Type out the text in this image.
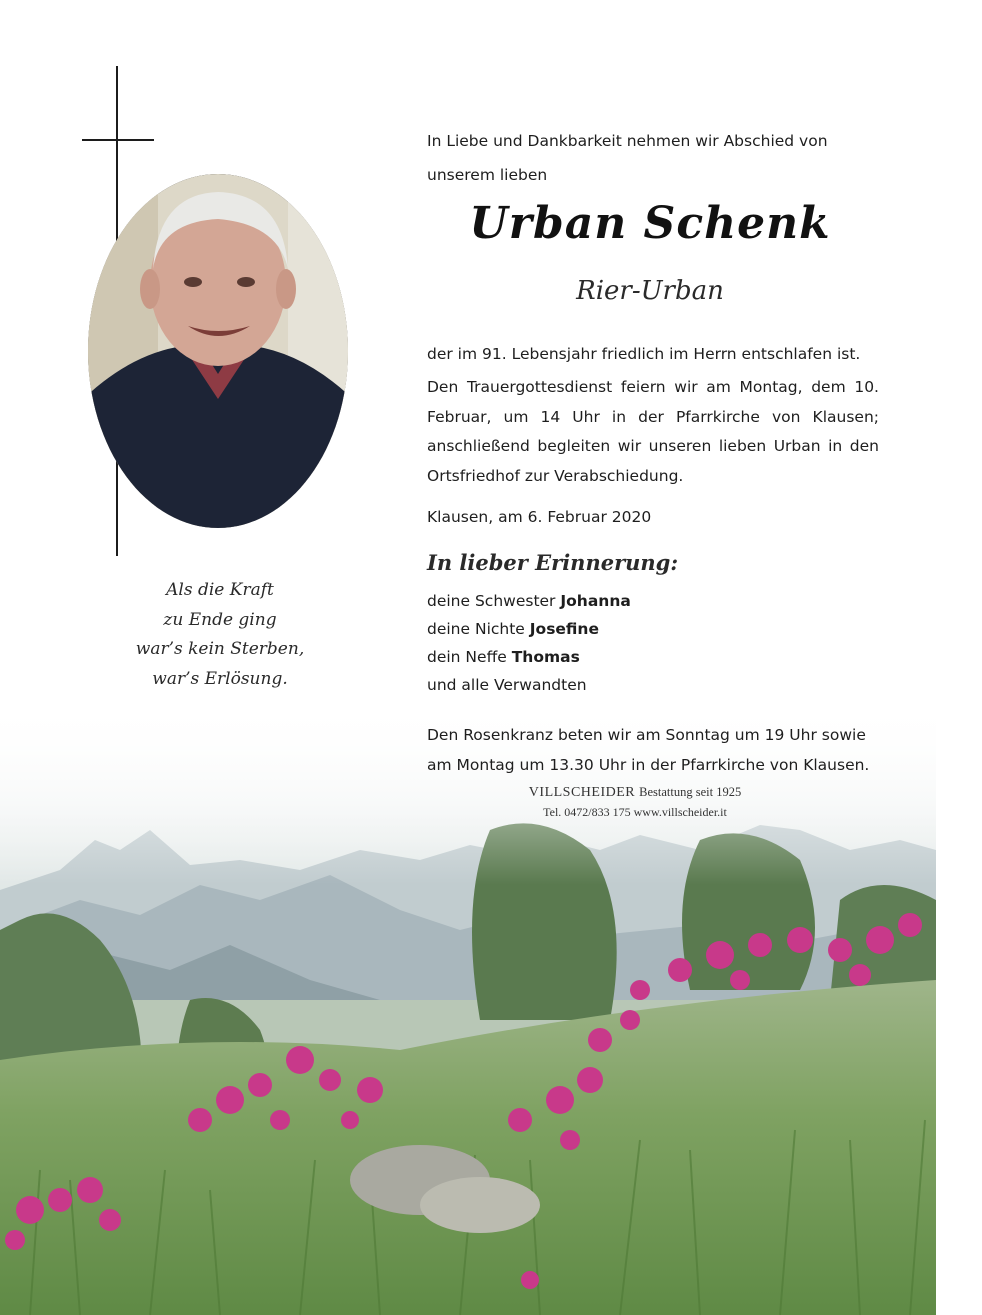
Als die Kraft
zu Ende ging
war’s kein Sterben,
war’s Erlösung.
In Liebe und Dankbarkeit nehmen wir Abschied von unserem lieben
Urban Schenk
Rier-Urban
der im 91. Lebensjahr friedlich im Herrn entschlafen ist.
Den Trauergottesdienst feiern wir am Montag, dem 10. Februar, um 14 Uhr in der Pfarrkirche von Klausen; anschließend begleiten wir unseren lieben Urban in den Ortsfriedhof zur Verabschiedung.
Klausen, am 6. Februar 2020
In lieber Erinnerung:
deine Schwester Johanna
deine Nichte Josefine
dein Neffe Thomas
und alle Verwandten
Den Rosenkranz beten wir am Sonntag um 19 Uhr sowie am Montag um 13.30 Uhr in der Pfarrkirche von Klausen.
VILLSCHEIDER Bestattung seit 1925
Tel. 0472/833 175 www.villscheider.it
